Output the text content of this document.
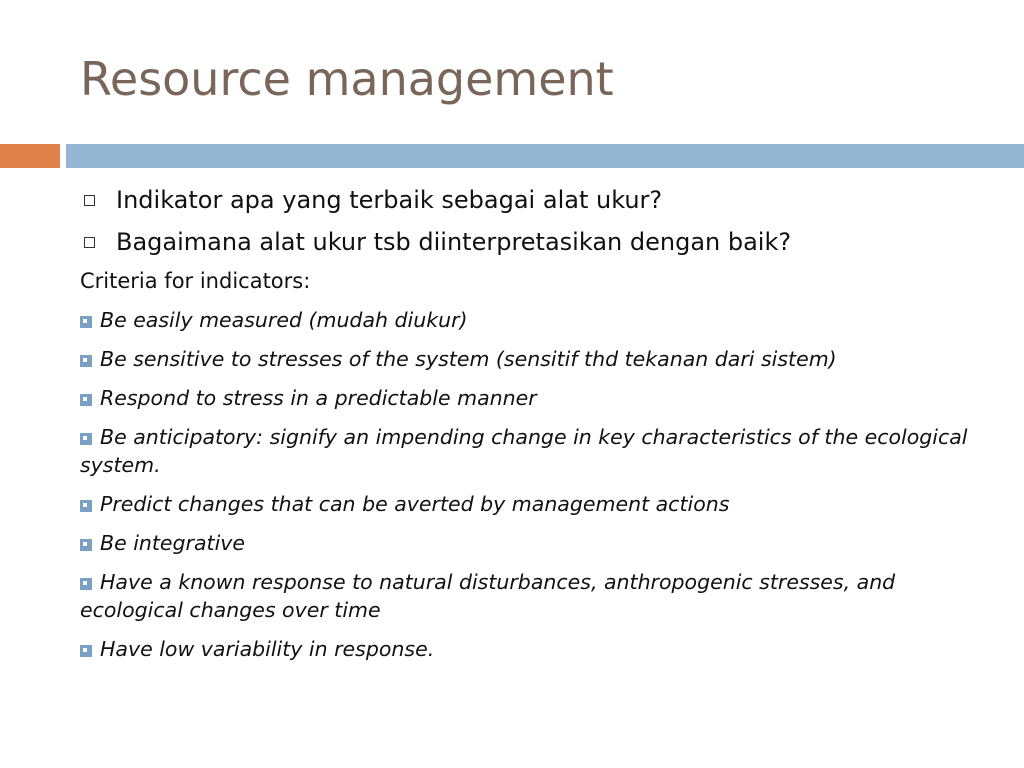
Resource management
Indikator apa yang terbaik sebagai alat ukur?
Bagaimana alat ukur tsb diinterpretasikan dengan baik?
Criteria for indicators:
Be easily measured (mudah diukur)
Be sensitive to stresses of the system (sensitif thd tekanan dari sistem)
Respond to stress in a predictable manner
Be anticipatory: signify an impending change in key characteristics of the ecological system.
Predict changes that can be averted by management actions
Be integrative
Have a known response to natural disturbances, anthropogenic stresses, and ecological changes over time
Have low variability in response.
